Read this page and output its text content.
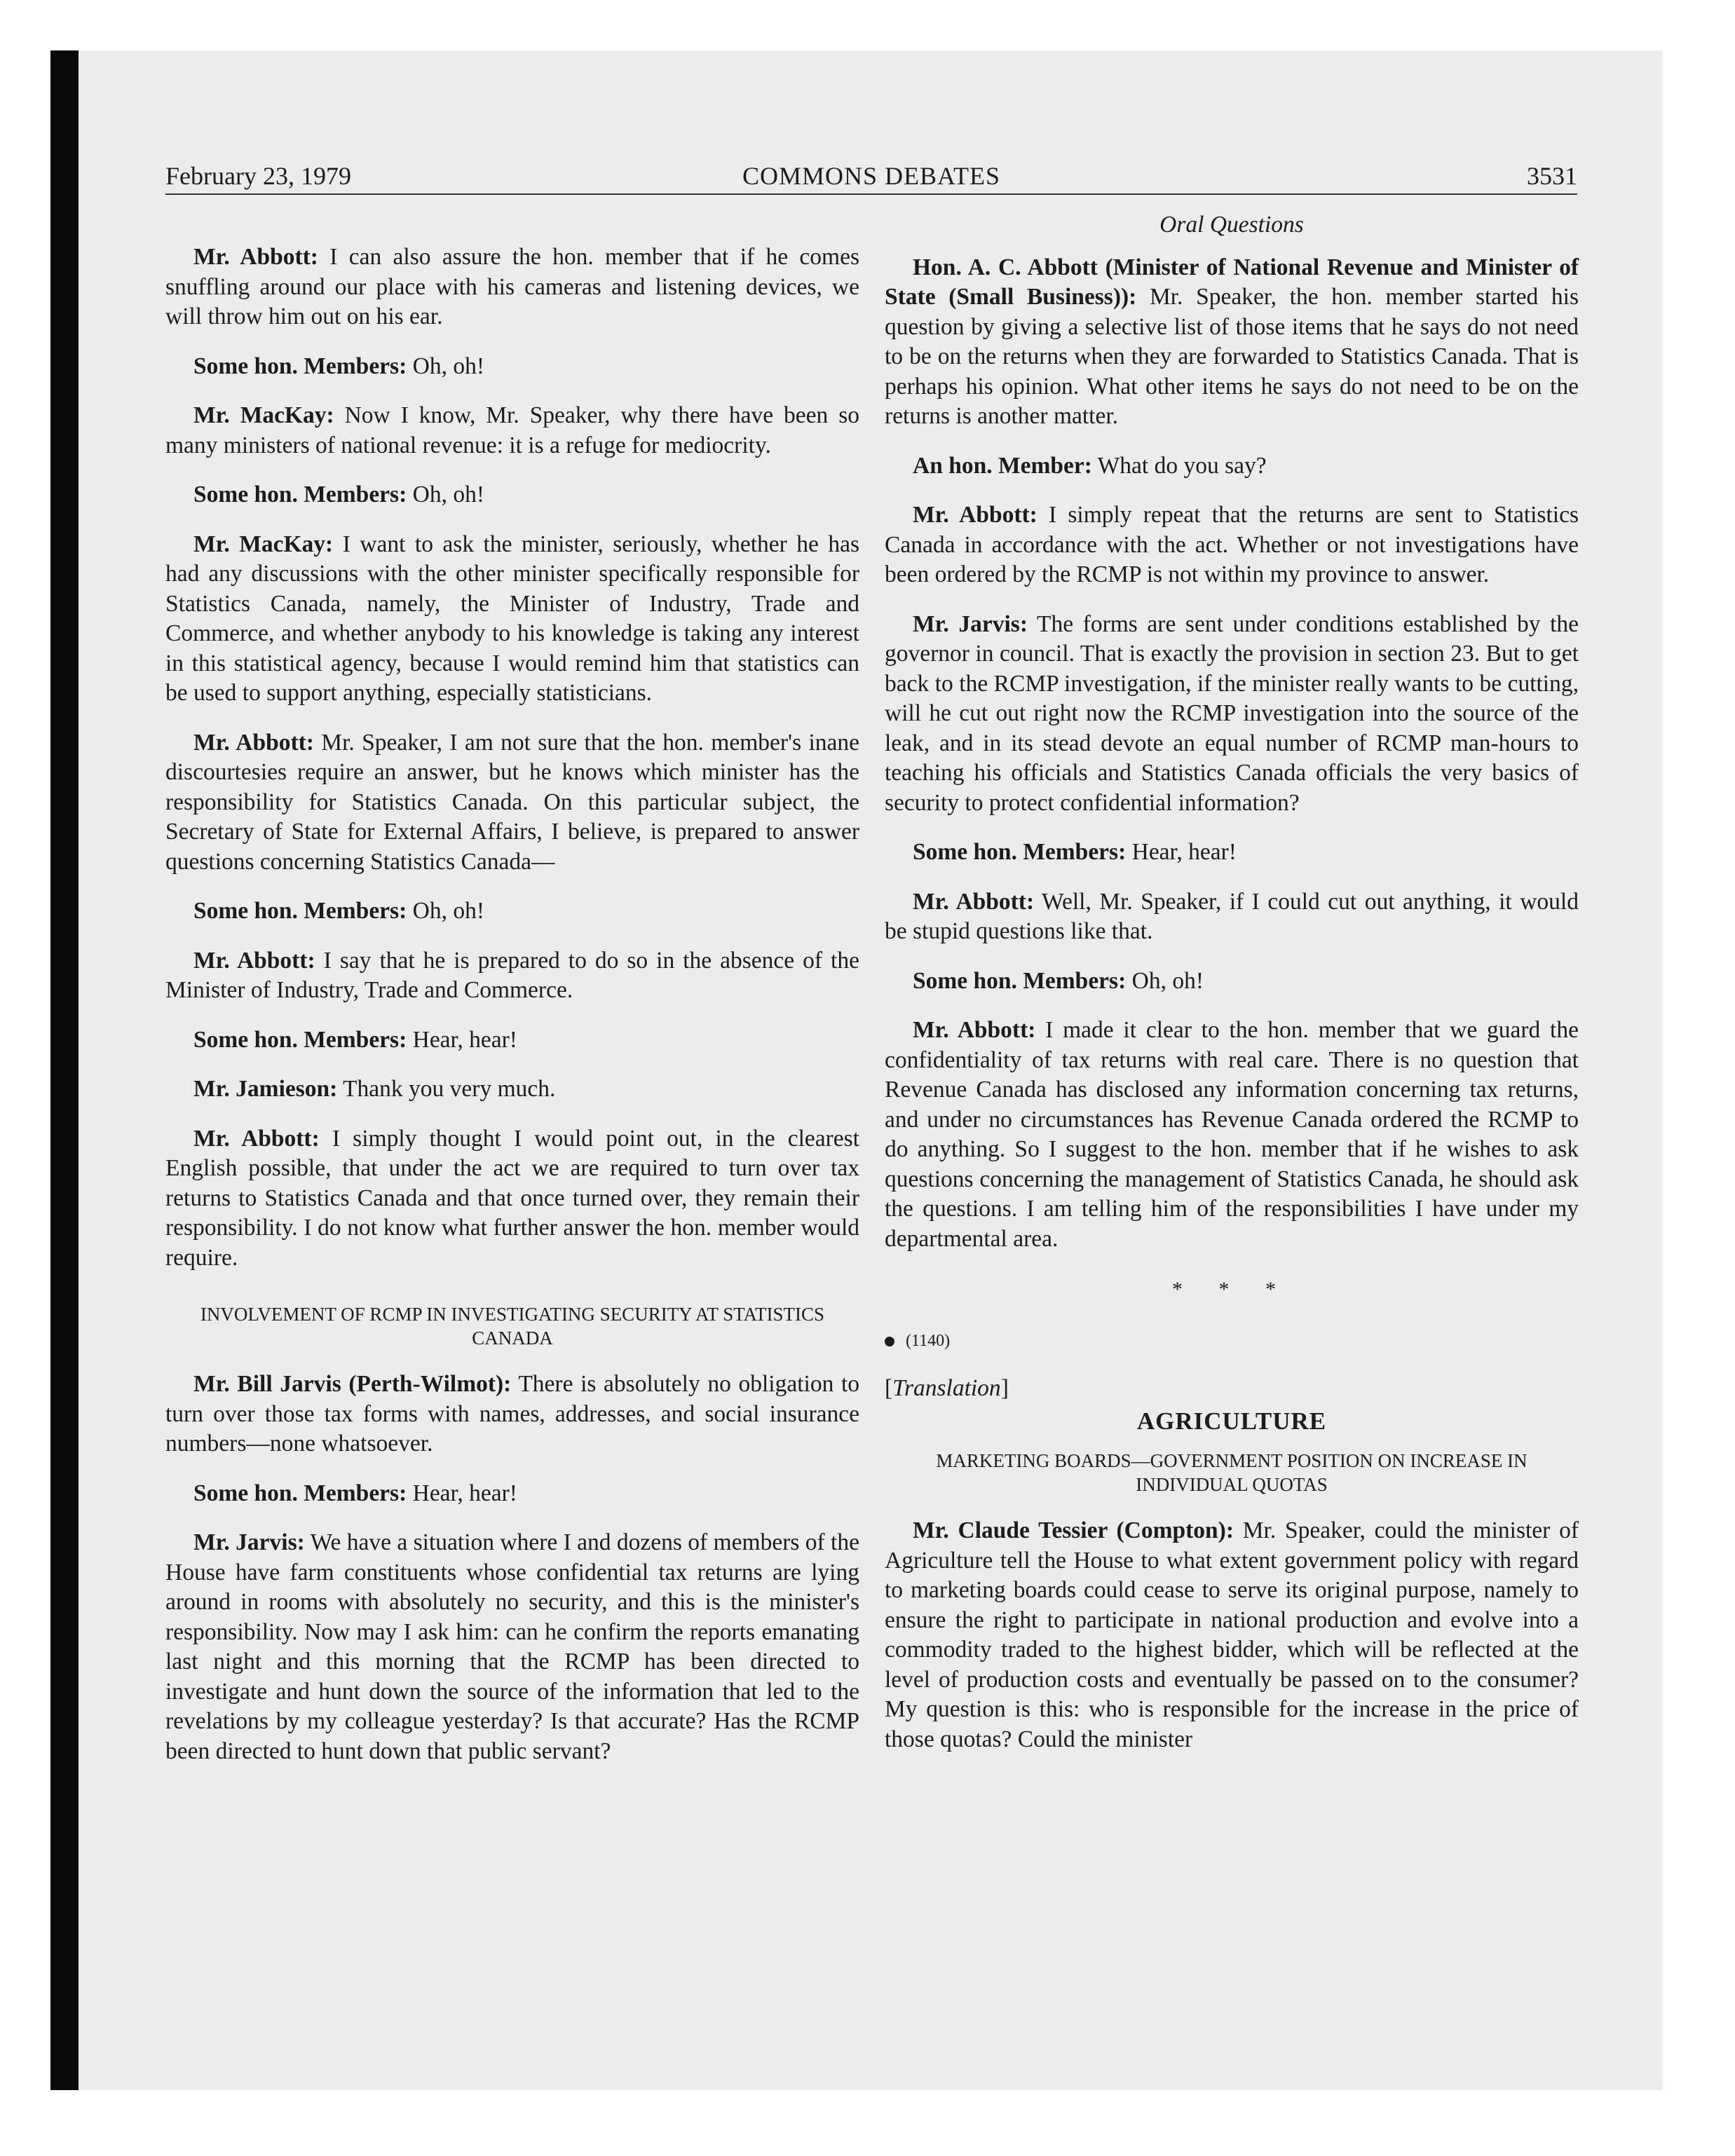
February 23, 1979	COMMONS DEBATES	3531

Mr. Abbott: I can also assure the hon. member that if he comes snuffling around our place with his cameras and listening devices, we will throw him out on his ear.

Some hon. Members: Oh, oh!

Mr. MacKay: Now I know, Mr. Speaker, why there have been so many ministers of national revenue: it is a refuge for mediocrity.

Some hon. Members: Oh, oh!

Mr. MacKay: I want to ask the minister, seriously, whether he has had any discussions with the other minister specifically responsible for Statistics Canada, namely, the Minister of Industry, Trade and Commerce, and whether anybody to his knowledge is taking any interest in this statistical agency, because I would remind him that statistics can be used to support anything, especially statisticians.

Mr. Abbott: Mr. Speaker, I am not sure that the hon. member's inane discourtesies require an answer, but he knows which minister has the responsibility for Statistics Canada. On this particular subject, the Secretary of State for External Affairs, I believe, is prepared to answer questions concerning Statistics Canada—

Some hon. Members: Oh, oh!

Mr. Abbott: I say that he is prepared to do so in the absence of the Minister of Industry, Trade and Commerce.

Some hon. Members: Hear, hear!

Mr. Jamieson: Thank you very much.

Mr. Abbott: I simply thought I would point out, in the clearest English possible, that under the act we are required to turn over tax returns to Statistics Canada and that once turned over, they remain their responsibility. I do not know what further answer the hon. member would require.

INVOLVEMENT OF RCMP IN INVESTIGATING SECURITY AT STATISTICS CANADA

Mr. Bill Jarvis (Perth-Wilmot): There is absolutely no obligation to turn over those tax forms with names, addresses, and social insurance numbers—none whatsoever.

Some hon. Members: Hear, hear!

Mr. Jarvis: We have a situation where I and dozens of members of the House have farm constituents whose confidential tax returns are lying around in rooms with absolutely no security, and this is the minister's responsibility. Now may I ask him: can he confirm the reports emanating last night and this morning that the RCMP has been directed to investigate and hunt down the source of the information that led to the revelations by my colleague yesterday? Is that accurate? Has the RCMP been directed to hunt down that public servant?

Oral Questions

Hon. A. C. Abbott (Minister of National Revenue and Minister of State (Small Business)): Mr. Speaker, the hon. member started his question by giving a selective list of those items that he says do not need to be on the returns when they are forwarded to Statistics Canada. That is perhaps his opinion. What other items he says do not need to be on the returns is another matter.

An hon. Member: What do you say?

Mr. Abbott: I simply repeat that the returns are sent to Statistics Canada in accordance with the act. Whether or not investigations have been ordered by the RCMP is not within my province to answer.

Mr. Jarvis: The forms are sent under conditions established by the governor in council. That is exactly the provision in section 23. But to get back to the RCMP investigation, if the minister really wants to be cutting, will he cut out right now the RCMP investigation into the source of the leak, and in its stead devote an equal number of RCMP man-hours to teaching his officials and Statistics Canada officials the very basics of security to protect confidential information?

Some hon. Members: Hear, hear!

Mr. Abbott: Well, Mr. Speaker, if I could cut out anything, it would be stupid questions like that.

Some hon. Members: Oh, oh!

Mr. Abbott: I made it clear to the hon. member that we guard the confidentiality of tax returns with real care. There is no question that Revenue Canada has disclosed any information concerning tax returns, and under no circumstances has Revenue Canada ordered the RCMP to do anything. So I suggest to the hon. member that if he wishes to ask questions concerning the management of Statistics Canada, he should ask the questions. I am telling him of the responsibilities I have under my departmental area.

* * *
(1140)
[Translation]
AGRICULTURE
MARKETING BOARDS—GOVERNMENT POSITION ON INCREASE IN INDIVIDUAL QUOTAS

Mr. Claude Tessier (Compton): Mr. Speaker, could the minister of Agriculture tell the House to what extent government policy with regard to marketing boards could cease to serve its original purpose, namely to ensure the right to participate in national production and evolve into a commodity traded to the highest bidder, which will be reflected at the level of production costs and eventually be passed on to the consumer? My question is this: who is responsible for the increase in the price of those quotas? Could the minister
